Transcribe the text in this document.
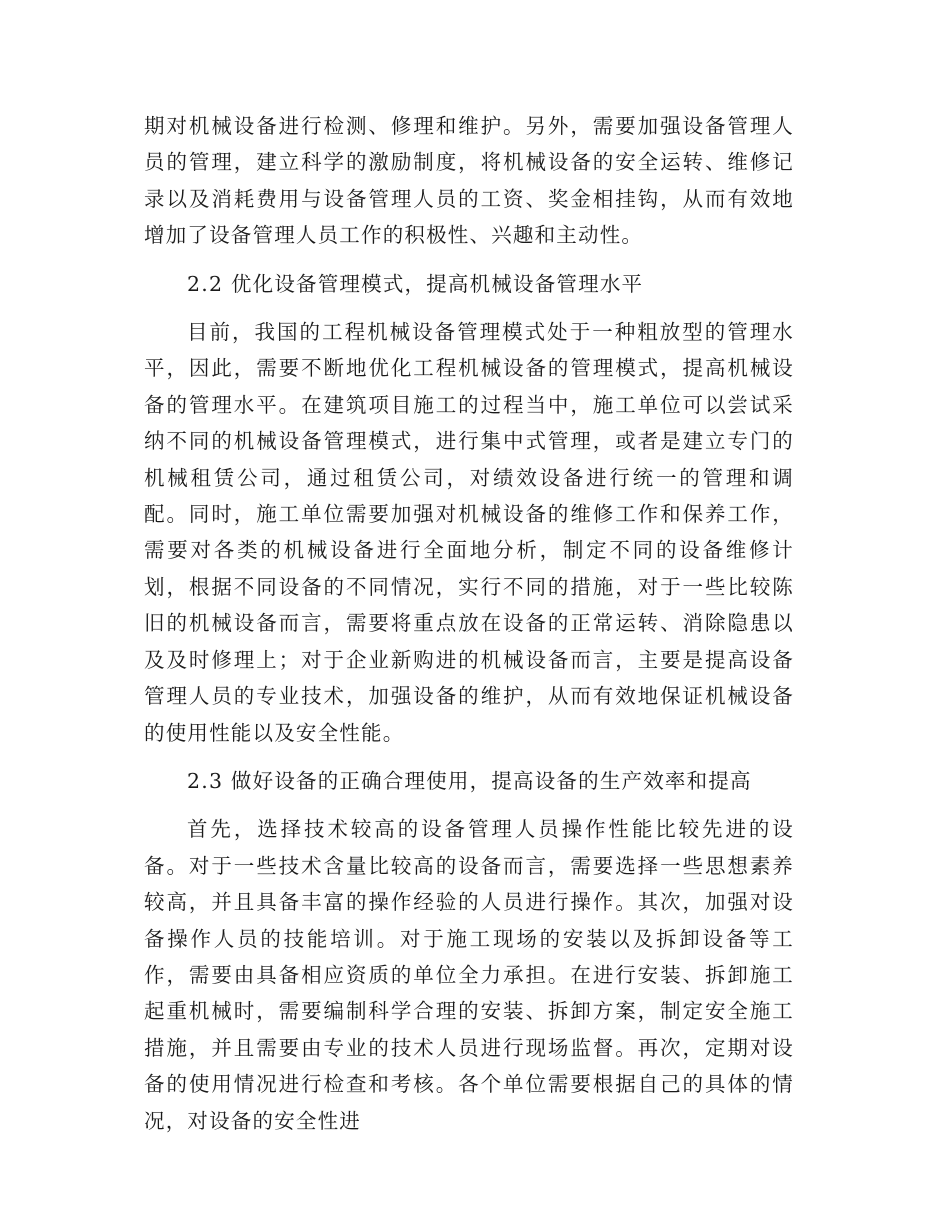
期对机械设备进行检测、修理和维护。另外，需要加强设备管理人员的管理，建立科学的激励制度，将机械设备的安全运转、维修记录以及消耗费用与设备管理人员的工资、奖金相挂钩，从而有效地增加了设备管理人员工作的积极性、兴趣和主动性。

2.2 优化设备管理模式，提高机械设备管理水平

目前，我国的工程机械设备管理模式处于一种粗放型的管理水平，因此，需要不断地优化工程机械设备的管理模式，提高机械设备的管理水平。在建筑项目施工的过程当中，施工单位可以尝试采纳不同的机械设备管理模式，进行集中式管理，或者是建立专门的机械租赁公司，通过租赁公司，对绩效设备进行统一的管理和调配。同时，施工单位需要加强对机械设备的维修工作和保养工作，需要对各类的机械设备进行全面地分析，制定不同的设备维修计划，根据不同设备的不同情况，实行不同的措施，对于一些比较陈旧的机械设备而言，需要将重点放在设备的正常运转、消除隐患以及及时修理上；对于企业新购进的机械设备而言，主要是提高设备管理人员的专业技术，加强设备的维护，从而有效地保证机械设备的使用性能以及安全性能。

2.3 做好设备的正确合理使用，提高设备的生产效率和提高

首先，选择技术较高的设备管理人员操作性能比较先进的设备。对于一些技术含量比较高的设备而言，需要选择一些思想素养较高，并且具备丰富的操作经验的人员进行操作。其次，加强对设备操作人员的技能培训。对于施工现场的安装以及拆卸设备等工作，需要由具备相应资质的单位全力承担。在进行安装、拆卸施工起重机械时，需要编制科学合理的安装、拆卸方案，制定安全施工措施，并且需要由专业的技术人员进行现场监督。再次，定期对设备的使用情况进行检查和考核。各个单位需要根据自己的具体的情况，对设备的安全性进
